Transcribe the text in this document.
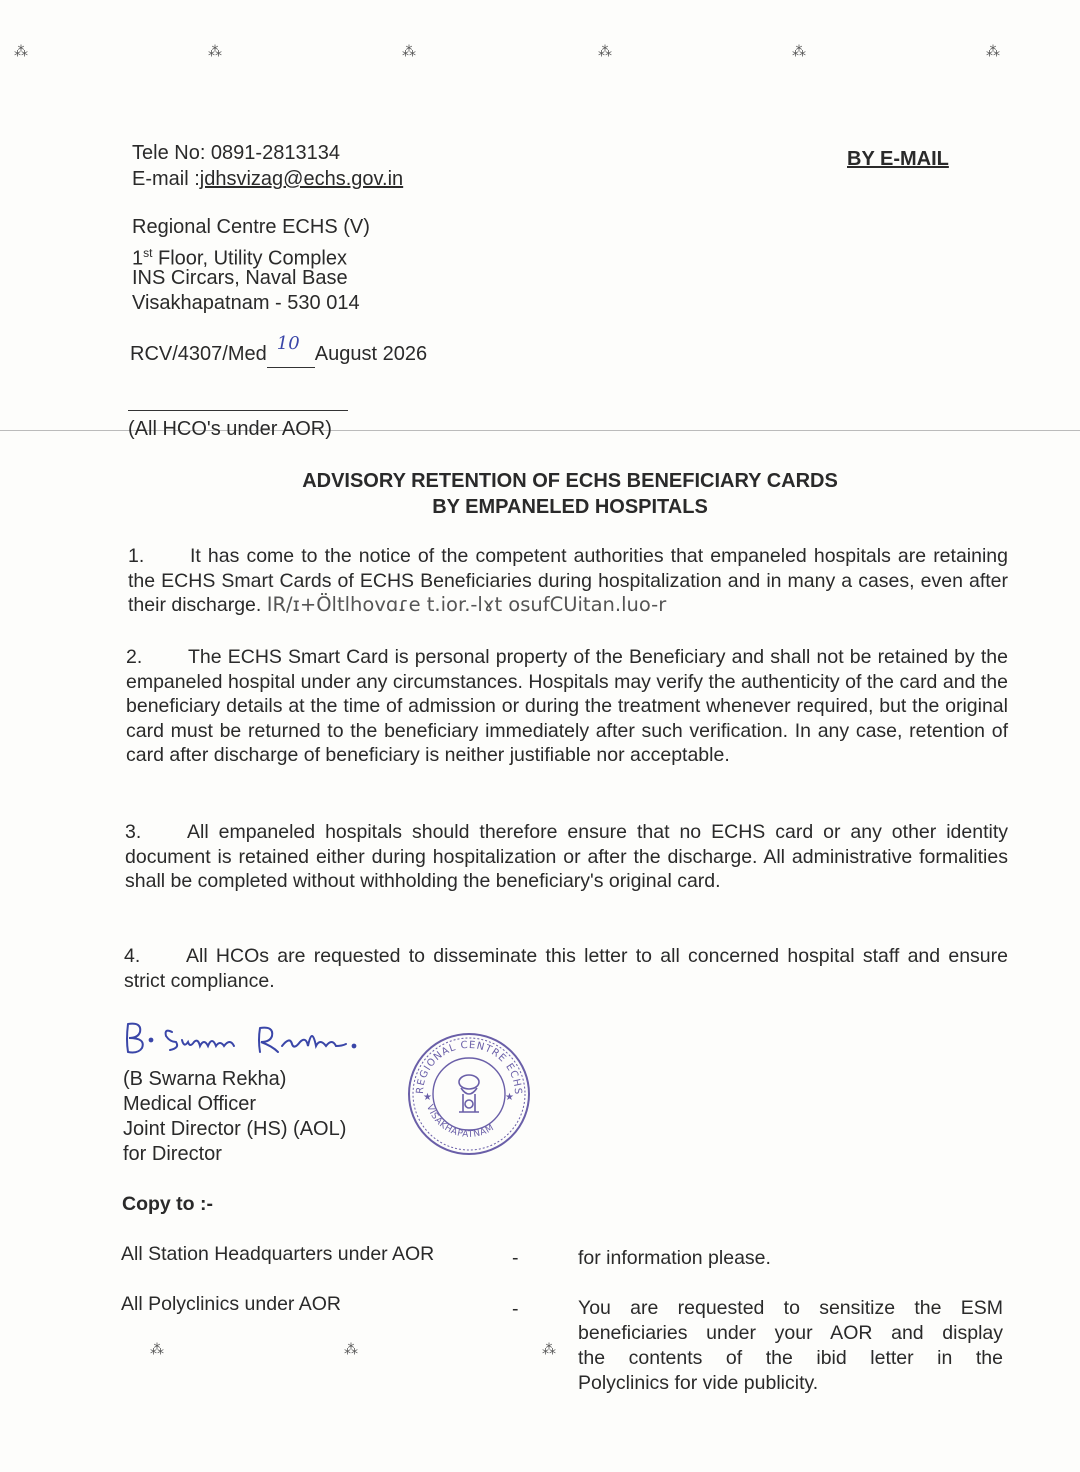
⁂	⁂	⁂	⁂	⁂	⁂
⁂	⁂	⁂
Tele No: 0891-2813134
E-mail :jdhsvizag@echs.gov.in
BY E-MAIL
Regional Centre ECHS (V)
1st Floor, Utility Complex
INS Circars, Naval Base
Visakhapatnam - 530 014
RCV/4307/Med 10 August 2026
(All HCO's under AOR)
ADVISORY RETENTION OF ECHS BENEFICIARY CARDS
BY EMPANELED HOSPITALS
1. It has come to the notice of the competent authorities that empaneled hospitals are retaining the ECHS Smart Cards of ECHS Beneficiaries during hospitalization and in many a cases, even after their discharge. IR/ɪ+Öltlhovɑɾe t.ior.-lɤt osufCUitan.luo-r
2. The ECHS Smart Card is personal property of the Beneficiary and shall not be retained by the empaneled hospital under any circumstances. Hospitals may verify the authenticity of the card and the beneficiary details at the time of admission or during the treatment whenever required, but the original card must be returned to the beneficiary immediately after such verification. In any case, retention of card after discharge of beneficiary is neither justifiable nor acceptable.
3. All empaneled hospitals should therefore ensure that no ECHS card or any other identity document is retained either during hospitalization or after the discharge. All administrative formalities shall be completed without withholding the beneficiary's original card.
4. All HCOs are requested to disseminate this letter to all concerned hospital staff and ensure strict compliance.
(B Swarna Rekha)
Medical Officer
Joint Director (HS) (AOL)
for Director
REGIONAL CENTRE ECHS
VISAKHAPATNAM
★	★
Copy to :-
All Station Headquarters under AOR	-	for information please.
All Polyclinics under AOR	-	You are requested to sensitize the ESM
beneficiaries under your AOR and display
the contents of the ibid letter in the
Polyclinics for vide publicity.
